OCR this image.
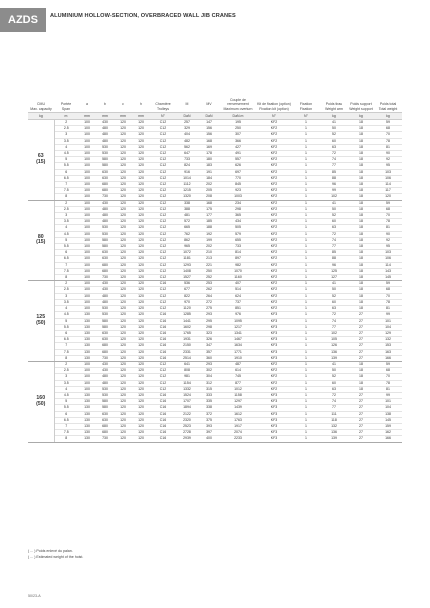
AZDS	ALUMINIUM HOLLOW-SECTION, OVERBRACED WALL JIB CRANES
CMU	Portée	a	b	c	h	Charnière	M	MV	Couple de renversement	Kit de fixation (option)	Fixation	Poids tirau	Poids support	Poids total
Max. capacity	Span					Trolleys			Maximum overturn	Fixation kit (option)	Fixation	Weight arm	Weight support	Total weight
kg	m	mm	mm	mm	mm	N°	DaN	DaN	DaN.m	N°	N°	kg	kg	kg

63
(15)	2	100	430	120	120	C12	257	147	195	KF2	1	41	18	59
	2.5	100	480	120	120	C12	329	156	250	KF2	1	50	18	68
	3	100	480	120	120	C12	404	156	307	KF2	1	52	18	70
	3.5	100	480	120	120	C12	482	168	366	KF2	1	60	18	78
	4	100	530	120	120	C12	562	169	427	KF2	1	63	18	81
	4.5	100	530	120	120	C12	647	178	491	KF2	1	72	18	90
	5	100	580	120	120	C12	733	180	557	KF2	1	74	18	92
	5.5	100	580	120	120	C12	824	183	626	KF2	1	77	18	95
	6	100	630	120	120	C12	916	191	697	KF2	1	85	18	103
	6.5	100	630	120	120	C12	1014	184	770	KF2	1	88	18	106
	7	100	680	120	120	C12	1112	202	845	KF2	1	96	18	114
	7.5	100	680	120	120	C12	1215	205	923	KF2	1	99	18	117
	8	100	730	120	120	C12	1320	208	1003	KF2	1	102	18	120

80
(15)	2	100	430	120	120	C12	338	168	234	KF2	1	41	18	59
	2.5	100	480	120	120	C12	388	175	298	KF2	1	50	18	68
	3	100	480	120	120	C12	481	177	365	KF2	1	52	18	70
	3.5	100	480	120	120	C12	572	185	434	KF2	1	60	18	78
	4	100	530	120	120	C12	665	188	505	KF2	1	63	18	81
	4.5	100	530	120	120	C12	762	192	579	KF2	1	72	18	90
	5	100	580	120	120	C12	862	199	655	KF2	1	74	18	92
	5.5	100	580	120	120	C12	965	202	733	KF2	1	77	18	95
	6	100	630	120	120	C12	1072	210	814	KF2	1	85	18	103
	6.5	100	630	120	120	C12	1181	213	897	KF2	1	88	18	106
	7	100	680	120	120	C12	1293	221	982	KF2	1	96	18	114
	7.5	100	680	120	120	C12	1408	250	1070	KF2	1	125	18	143
	8	100	730	120	120	C12	1527	252	1160	KF2	1	127	18	145

125
(50)	2	100	430	120	120	C16	536	253	407	KF2	1	41	18	59
	2.5	100	430	120	120	C12	677	262	514	KF2	1	50	18	68
	3	100	480	120	120	C12	822	264	624	KF2	1	52	18	70
	3.5	100	480	120	120	C12	970	272	737	KF2	1	60	18	78
	4	100	530	120	120	C12	1120	275	851	KF2	1	63	18	81
	4.5	130	530	120	120	C16	1285	293	976	KF3	1	72	27	99
	5	130	580	120	120	C16	1441	295	1095	KF3	1	74	27	101
	5.5	130	580	120	120	C16	1602	298	1217	KF3	1	77	27	104
	6	130	630	120	120	C16	1765	323	1341	KF3	1	102	27	129
	6.5	130	630	120	120	C16	1931	326	1467	KF3	1	105	27	132
	7	130	680	120	120	C16	2150	347	1634	KF3	1	126	27	153
	7.5	130	680	120	120	C16	2331	357	1771	KF3	1	136	27	163
	8	130	730	120	120	C16	2514	360	1910	KF3	1	139	27	166

160
(50)	2	100	430	120	120	C12	641	293	487	KF2	1	41	18	59
	2.5	100	430	120	120	C12	808	302	614	KF2	1	50	18	68
	3	100	480	120	120	C12	981	304	745	KF2	1	52	18	70
	3.5	100	480	120	120	C12	1154	312	877	KF2	1	60	18	78
	4	100	530	120	120	C12	1332	315	1012	KF2	1	63	18	81
	4.5	130	530	120	120	C16	1524	333	1158	KF3	1	72	27	99
	5	130	580	120	120	C16	1707	335	1297	KF3	1	74	27	101
	5.5	130	580	120	120	C16	1894	338	1439	KF3	1	77	27	104
	6	130	630	120	120	C16	2122	372	1612	KF3	1	111	27	138
	6.5	130	630	120	120	C16	2320	375	1763	KF3	1	118	27	145
	7	130	680	120	120	C16	2523	393	1917	KF3	1	132	27	159
	7.5	130	680	120	120	C16	2728	397	2074	KF3	1	136	27	162
	8	130	730	120	120	C16	2939	400	2233	KF3	1	139	27	166
( ... ) Poids enlevé du palan.
( ... ) Estimated weight of the hoist.
50/23-A
